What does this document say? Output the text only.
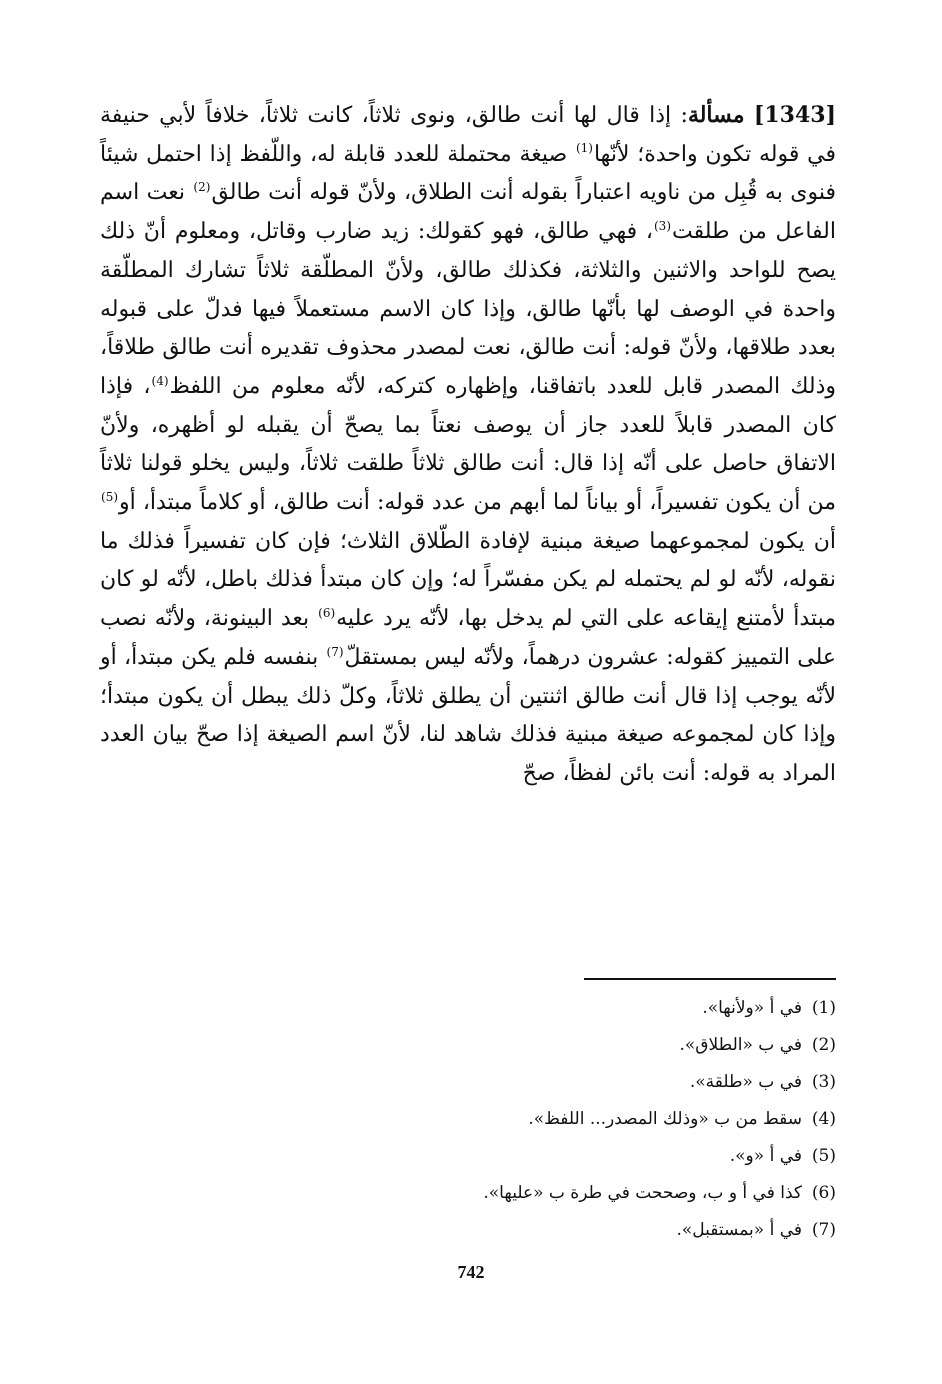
[1343] مسألة: إذا قال لها أنت طالق، ونوى ثلاثاً، كانت ثلاثاً، خلافاً لأبي حنيفة في قوله تكون واحدة؛ لأنّها$^{(1)}$ صيغة محتملة للعدد قابلة له، واللّفظ إذا احتمل شيئاً فنوى به قُبِل من ناويه اعتباراً بقوله أنت الطلاق، ولأنّ قوله أنت طالق$^{(2)}$ نعت اسم الفاعل من طلقت$^{(3)}$، فهي طالق، فهو كقولك: زيد ضارب وقاتل، ومعلوم أنّ ذلك يصح للواحد والاثنين والثلاثة، فكذلك طالق، ولأنّ المطلّقة ثلاثاً تشارك المطلّقة واحدة في الوصف لها بأنّها طالق، وإذا كان الاسم مستعملاً فيها فدلّ على قبوله بعدد طلاقها، ولأنّ قوله: أنت طالق، نعت لمصدر محذوف تقديره أنت طالق طلاقاً، وذلك المصدر قابل للعدد باتفاقنا، وإظهاره كتركه، لأنّه معلوم من اللفظ$^{(4)}$، فإذا كان المصدر قابلاً للعدد جاز أن يوصف نعتاً بما يصحّ أن يقبله لو أظهره، ولأنّ الاتفاق حاصل على أنّه إذا قال: أنت طالق ثلاثاً طلقت ثلاثاً، وليس يخلو قولنا ثلاثاً من أن يكون تفسيراً، أو بياناً لما أبهم من عدد قوله: أنت طالق، أو كلاماً مبتدأ، أو$^{(5)}$ أن يكون لمجموعهما صيغة مبنية لإفادة الطّلاق الثلاث؛ فإن كان تفسيراً فذلك ما نقوله، لأنّه لو لم يحتمله لم يكن مفسّراً له؛ وإن كان مبتدأ فذلك باطل، لأنّه لو كان مبتدأ لأمتنع إيقاعه على التي لم يدخل بها، لأنّه يرد عليه$^{(6)}$ بعد البينونة، ولأنّه نصب على التمييز كقوله: عشرون درهماً، ولأنّه ليس بمستقلّ$^{(7)}$ بنفسه فلم يكن مبتدأ، أو لأنّه يوجب إذا قال أنت طالق اثنتين أن يطلق ثلاثاً، وكلّ ذلك يبطل أن يكون مبتدأ؛ وإذا كان لمجموعه صيغة مبنية فذلك شاهد لنا، لأنّ اسم الصيغة إذا صحّ بيان العدد المراد به قوله: أنت بائن لفظاً، صحّ

(1)في أ «ولأنها».
(2)في ب «الطلاق».
(3)في ب «طلقة».
(4)سقط من ب «وذلك المصدر... اللفظ».
(5)في أ «و».
(6)كذا في أ و ب، وصححت في طرة ب «عليها».
(7)في أ «بمستقبل».
742
